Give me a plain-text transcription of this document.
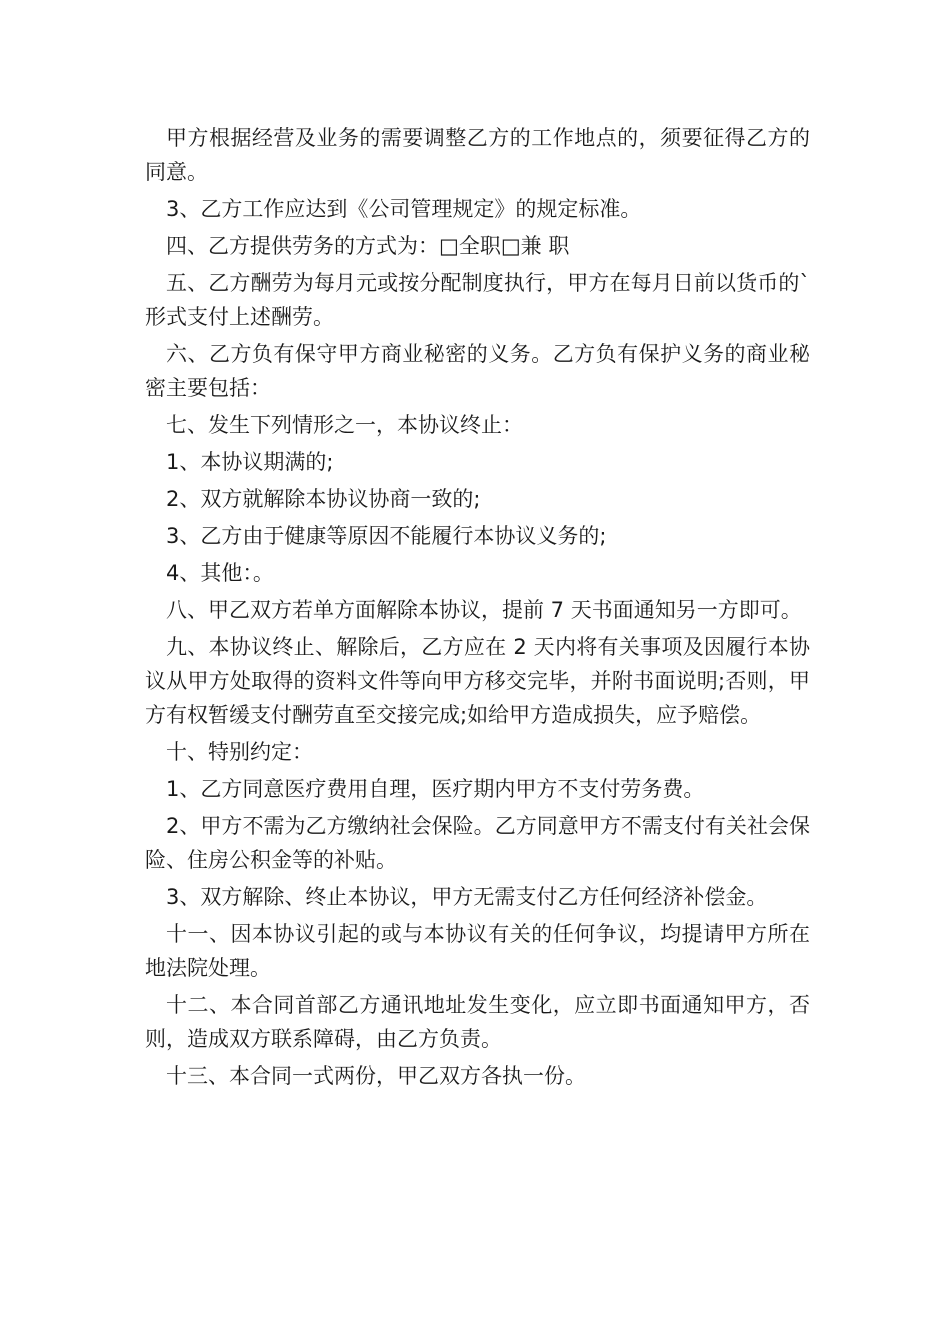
甲方根据经营及业务的需要调整乙方的工作地点的，须要征得乙方的同意。

3、乙方工作应达到《公司管理规定》的规定标准。

四、乙方提供劳务的方式为：□全职□兼 职

五、乙方酬劳为每月元或按分配制度执行，甲方在每月日前以货币的`形式支付上述酬劳。

六、乙方负有保守甲方商业秘密的义务。乙方负有保护义务的商业秘密主要包括：

七、发生下列情形之一，本协议终止：

1、本协议期满的;

2、双方就解除本协议协商一致的;

3、乙方由于健康等原因不能履行本协议义务的;

4、其他：。

八、甲乙双方若单方面解除本协议，提前 7 天书面通知另一方即可。

九、本协议终止、解除后，乙方应在 2 天内将有关事项及因履行本协议从甲方处取得的资料文件等向甲方移交完毕，并附书面说明;否则，甲方有权暂缓支付酬劳直至交接完成;如给甲方造成损失，应予赔偿。

十、特别约定：

1、乙方同意医疗费用自理，医疗期内甲方不支付劳务费。

2、甲方不需为乙方缴纳社会保险。乙方同意甲方不需支付有关社会保险、住房公积金等的补贴。

3、双方解除、终止本协议，甲方无需支付乙方任何经济补偿金。

十一、因本协议引起的或与本协议有关的任何争议，均提请甲方所在地法院处理。

十二、本合同首部乙方通讯地址发生变化，应立即书面通知甲方，否则，造成双方联系障碍，由乙方负责。

十三、本合同一式两份，甲乙双方各执一份。
